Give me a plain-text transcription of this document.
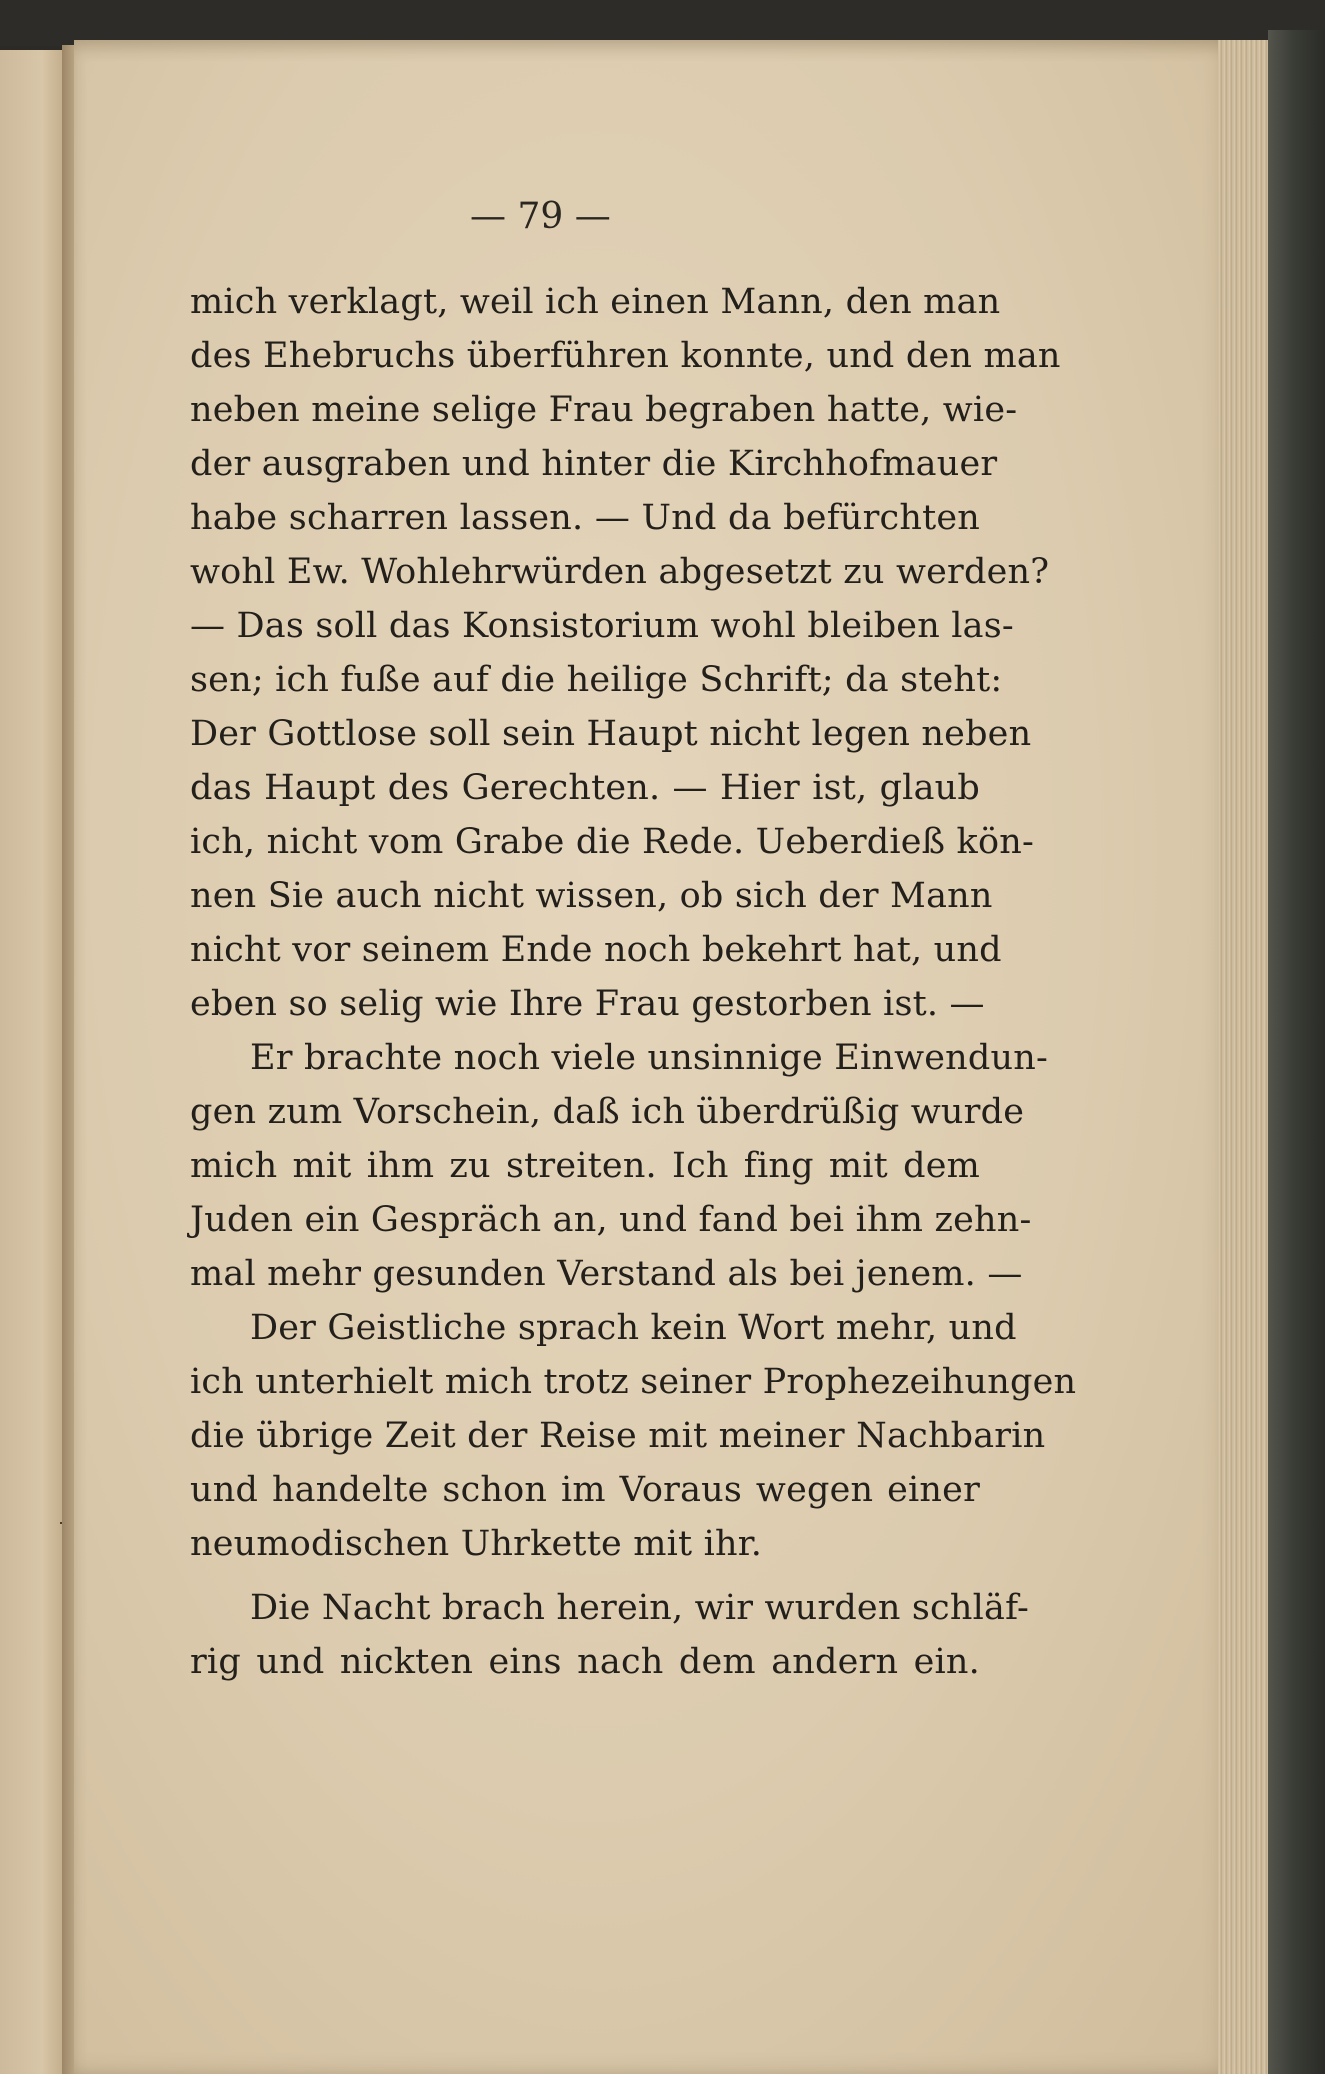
— 79 —
mich verklagt, weil ich einen Mann, den man
des Ehebruchs überführen konnte, und den man
neben meine selige Frau begraben hatte, wie-
der ausgraben und hinter die Kirchhofmauer
habe scharren lassen. — Und da befürchten
wohl Ew. Wohlehrwürden abgesetzt zu werden?
— Das soll das Konsistorium wohl bleiben las-
sen; ich fuße auf die heilige Schrift; da steht:
Der Gottlose soll sein Haupt nicht legen neben
das Haupt des Gerechten. — Hier ist, glaub
ich, nicht vom Grabe die Rede. Ueberdieß kön-
nen Sie auch nicht wissen, ob sich der Mann
nicht vor seinem Ende noch bekehrt hat, und
eben so selig wie Ihre Frau gestorben ist. —
Er brachte noch viele unsinnige Einwendun-
gen zum Vorschein, daß ich überdrüßig wurde
mich mit ihm zu streiten. Ich fing mit dem
Juden ein Gespräch an, und fand bei ihm zehn-
mal mehr gesunden Verstand als bei jenem. —
Der Geistliche sprach kein Wort mehr, und
ich unterhielt mich trotz seiner Prophezeihungen
die übrige Zeit der Reise mit meiner Nachbarin
und handelte schon im Voraus wegen einer
neumodischen Uhrkette mit ihr.
Die Nacht brach herein, wir wurden schläf-
rig und nickten eins nach dem andern ein.
